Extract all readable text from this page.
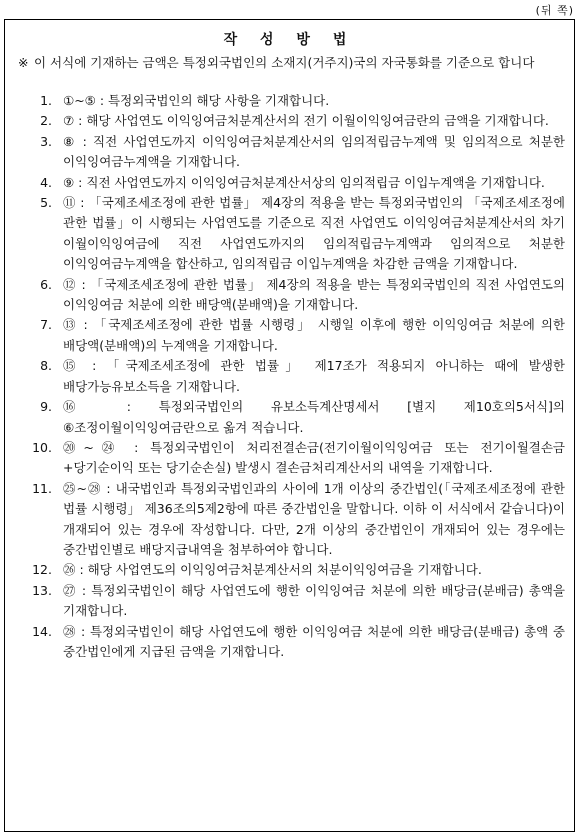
(뒤 쪽)
작 성 방 법
※ 이 서식에 기재하는 금액은 특정외국법인의 소재지(거주지)국의 자국통화를 기준으로 합니다
1. ①~⑤ : 특정외국법인의 해당 사항을 기재합니다.
2. ⑦ : 해당 사업연도 이익잉여금처분계산서의 전기 이월이익잉여금란의 금액을 기재합니다.
3. ⑧ : 직전 사업연도까지 이익잉여금처분계산서의 임의적립금누계액 및 임의적으로 처분한 이익잉여금누계액을 기재합니다.
4. ⑨ : 직전 사업연도까지 이익잉여금처분계산서상의 임의적립금 이입누계액을 기재합니다.
5. ⑪ : 「국제조세조정에 관한 법률」 제4장의 적용을 받는 특정외국법인의 「국제조세조정에 관한 법률」이 시행되는 사업연도를 기준으로 직전 사업연도 이익잉여금처분계산서의 차기 이월이익잉여금에 직전 사업연도까지의 임의적립금누계액과 임의적으로 처분한 이익잉여금누계액을 합산하고, 임의적립금 이입누계액을 차감한 금액을 기재합니다.
6. ⑫ : 「국제조세조정에 관한 법률」 제4장의 적용을 받는 특정외국법인의 직전 사업연도의 이익잉여금 처분에 의한 배당액(분배액)을 기재합니다.
7. ⑬ : 「국제조세조정에 관한 법률 시행령」 시행일 이후에 행한 이익잉여금 처분에 의한 배당액(분배액)의 누계액을 기재합니다.
8. ⑮ : 「국제조세조정에 관한 법률」 제17조가 적용되지 아니하는 때에 발생한 배당가능유보소득을 기재합니다.
9. ⑯ : 특정외국법인의 유보소득계산명세서 [별지 제10호의5서식]의 ⑥조정이월이익잉여금란으로 옮겨 적습니다.
10. ⑳~㉔ : 특정외국법인이 처리전결손금(전기이월이익잉여금 또는 전기이월결손금+당기순이익 또는 당기순손실) 발생시 결손금처리계산서의 내역을 기재합니다.
11. ㉕~㉘ : 내국법인과 특정외국법인과의 사이에 1개 이상의 중간법인(「국제조세조정에 관한 법률 시행령」 제36조의5제2항에 따른 중간법인을 말합니다. 이하 이 서식에서 같습니다)이 개재되어 있는 경우에 작성합니다. 다만, 2개 이상의 중간법인이 개재되어 있는 경우에는 중간법인별로 배당지급내역을 첨부하여야 합니다.
12. ㉖ : 해당 사업연도의 이익잉여금처분계산서의 처분이익잉여금을 기재합니다.
13. ㉗ : 특정외국법인이 해당 사업연도에 행한 이익잉여금 처분에 의한 배당금(분배금) 총액을 기재합니다.
14. ㉘ : 특정외국법인이 해당 사업연도에 행한 이익잉여금 처분에 의한 배당금(분배금) 총액 중 중간법인에게 지급된 금액을 기재합니다.
